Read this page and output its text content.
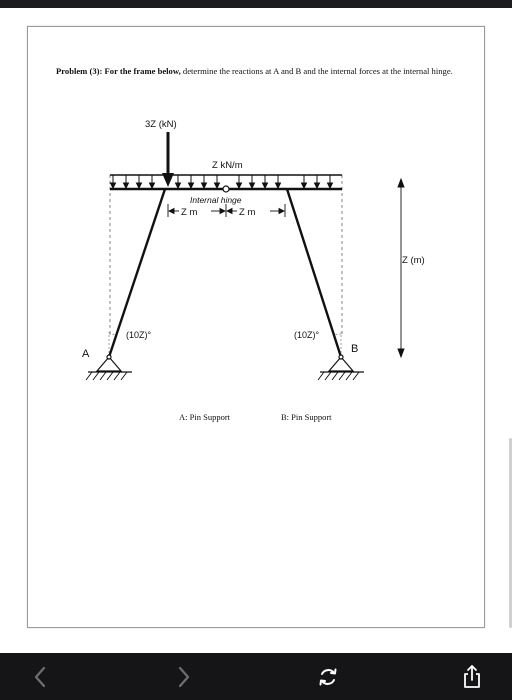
Problem (3): For the frame below, determine the reactions at A and B and the internal forces at the internal hinge.
3Z (kN)
Z kN/m
Internal hinge
Z m	Z m
Z (m)
(10Z)°	(10Z)°
A	B
A: Pin Support	B: Pin Support
